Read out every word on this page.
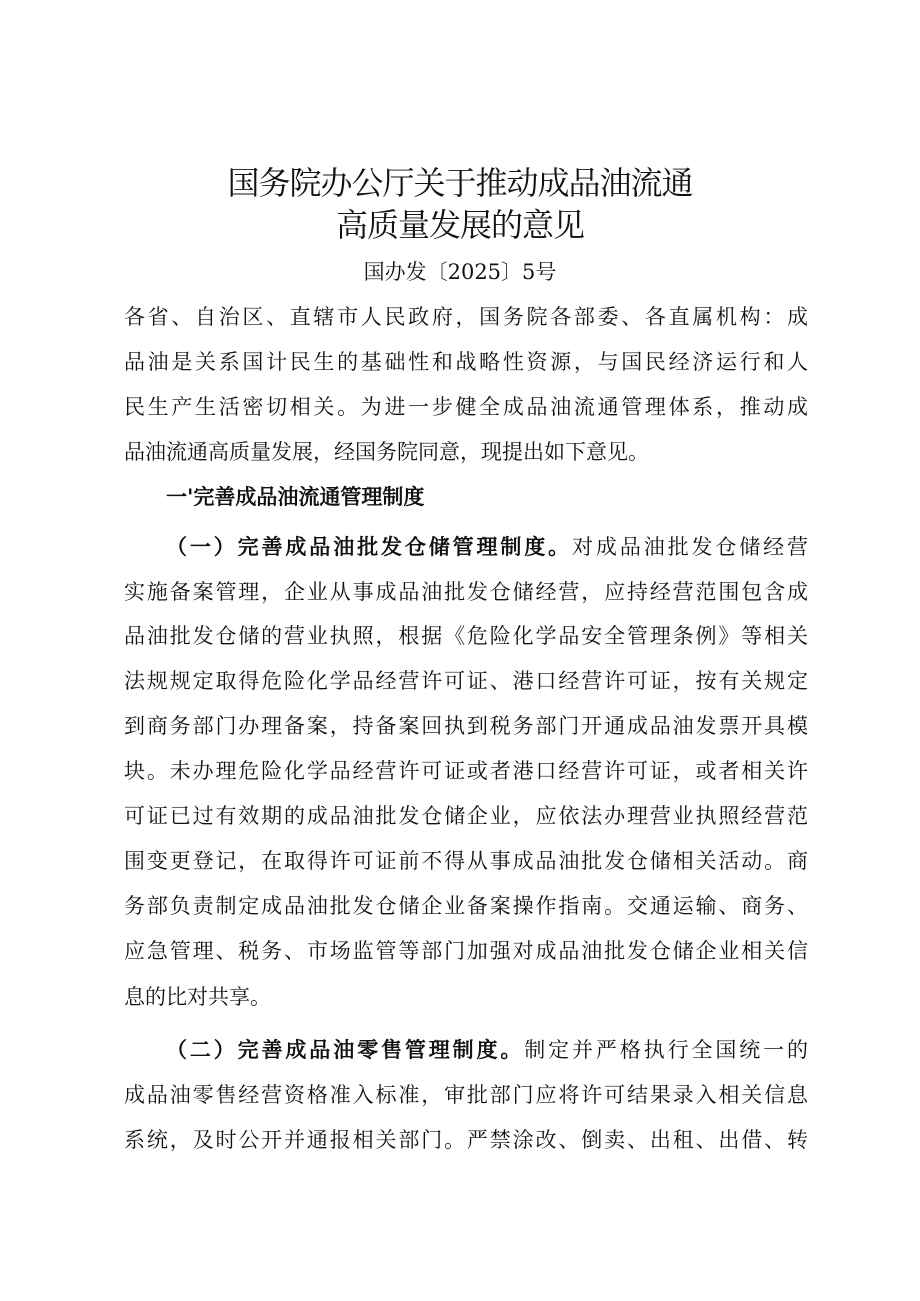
国务院办公厅关于推动成品油流通
高质量发展的意见
国办发〔2025〕5号
各省、自治区、直辖市人民政府，国务院各部委、各直属机构：成
品油是关系国计民生的基础性和战略性资源，与国民经济运行和人
民生产生活密切相关。为进一步健全成品油流通管理体系，推动成
品油流通高质量发展，经国务院同意，现提出如下意见。
一'完善成品油流通管理制度
（一）完善成品油批发仓储管理制度。对成品油批发仓储经营
实施备案管理，企业从事成品油批发仓储经营，应持经营范围包含成
品油批发仓储的营业执照，根据《危险化学品安全管理条例》等相关
法规规定取得危险化学品经营许可证、港口经营许可证，按有关规定
到商务部门办理备案，持备案回执到税务部门开通成品油发票开具模
块。未办理危险化学品经营许可证或者港口经营许可证，或者相关许
可证已过有效期的成品油批发仓储企业，应依法办理营业执照经营范
围变更登记，在取得许可证前不得从事成品油批发仓储相关活动。商
务部负责制定成品油批发仓储企业备案操作指南。交通运输、商务、
应急管理、税务、市场监管等部门加强对成品油批发仓储企业相关信
息的比对共享。
（二）完善成品油零售管理制度。制定并严格执行全国统一的
成品油零售经营资格准入标准，审批部门应将许可结果录入相关信息
系统，及时公开并通报相关部门。严禁涂改、倒卖、出租、出借、转
